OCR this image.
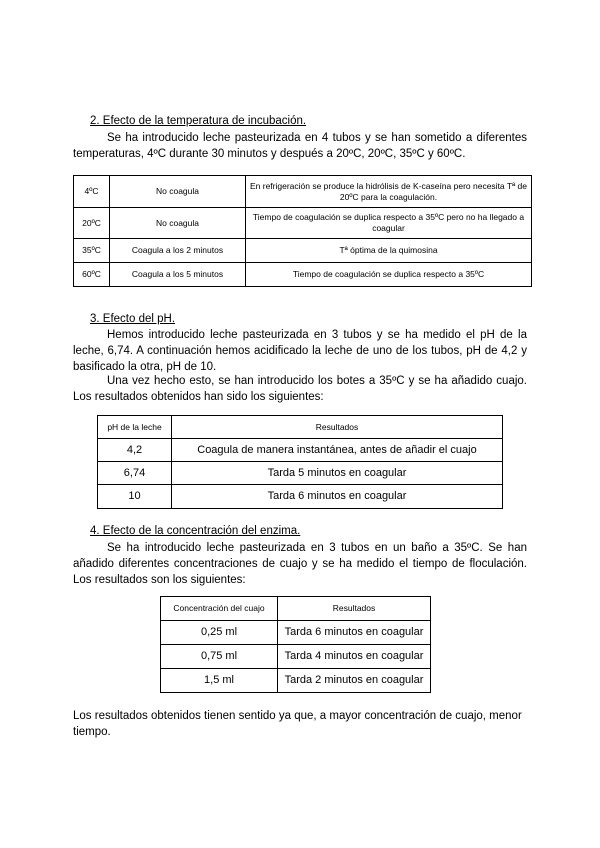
2. Efecto de la temperatura de incubación.
Se ha introducido leche pasteurizada en 4 tubos y se han sometido a diferentes temperaturas, 4ºC durante 30 minutos y después a 20ºC, 20ºC, 35ºC y 60ºC.
4ºC	No coagula	En refrigeración se produce la hidrólisis de K-caseína pero necesita Tª de 20ºC para la coagulación.
20ºC	No coagula	Tiempo de coagulación se duplica respecto a 35ºC pero no ha llegado a coagular
35ºC	Coagula a los 2 minutos	Tª óptima de la quimosina
60ºC	Coagula a los 5 minutos	Tiempo de coagulación se duplica respecto a 35ºC
3. Efecto del pH.
Hemos introducido leche pasteurizada en 3 tubos y se ha medido el pH de la leche, 6,74. A continuación hemos acidificado la leche de uno de los tubos, pH de 4,2 y basificado la otra, pH de 10.
Una vez hecho esto, se han introducido los botes a 35ºC y se ha añadido cuajo. Los resultados obtenidos han sido los siguientes:
pH de la leche	Resultados
4,2	Coagula de manera instantánea, antes de añadir el cuajo
6,74	Tarda 5 minutos en coagular
10	Tarda 6 minutos en coagular
4. Efecto de la concentración del enzima.
Se ha introducido leche pasteurizada en 3 tubos en un baño a 35ºC. Se han añadido diferentes concentraciones de cuajo y se ha medido el tiempo de floculación. Los resultados son los siguientes:
Concentración del cuajo	Resultados
0,25 ml	Tarda 6 minutos en coagular
0,75 ml	Tarda 4 minutos en coagular
1,5 ml	Tarda 2 minutos en coagular
Los resultados obtenidos tienen sentido ya que, a mayor concentración de cuajo, menor tiempo.
